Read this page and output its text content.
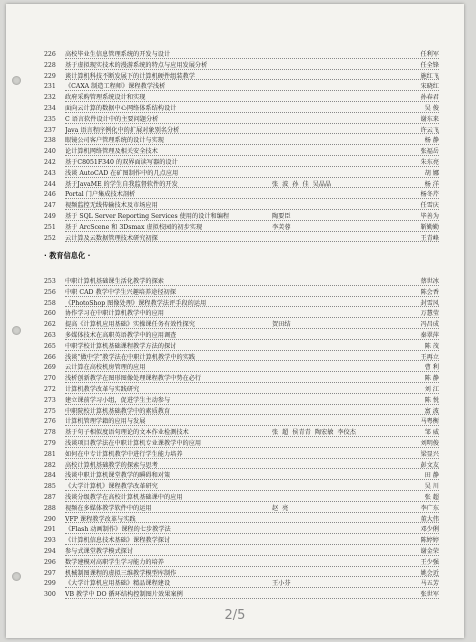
226	高校毕业生信息管理系统的开发与设计	任利军
228	基于虚拟现实技术的漫游系统的特点与应用发展分析	任全锋
229	谈计算机科技不断发展下的计算机硬件组装教学	施红飞
231	《CAXA 制造工程师》课程教学浅析	宋晓红
232	政府采购管理系统设计和实现	孙春君
234	面向云计算的数据中心网络体系结构设计	吴 俊
235	C 语言软件设计中的主要问题分析	谢东来
237	Java 语言程序例化中的扩展对象别名分析	许云飞
238	眼镜公司客户管理系统的设计与实现	杨 静
240	论计算机网络管理及相关安全技术	张福岳
242	基于C8051F340 的双界面读写器的设计	朱东亮
243	浅谈 AutoCAD 在矿图制作中的几点应用	胡 娜
244	基于JavaME 的学生自我监督软件的开发	张 波 孙 佳 吴晶晶	杨 洋
246	Portal 门户集成技术剖析	杨冬芹
247	视频监控无线传输技术及市场应用	任雪庆
249	基于 SQL Server Reporting Services 使用的设计和编程	陶要臣	毕善为
251	基于 ArcScene 和 3Dsmax 虚拟校园的初步实现	李芙蓉	靳勤勤
252	云计算及云数据管理技术研究初探	王青峰
· 教育信息化 ·
253	中职计算机基础课生活化教学的探索	蔡世冰
256	中职 CAD 教学中学生兴趣培养途径初探	陈会香
258	《PhotoShop 图像处理》课程教学法评手段的运用	封雪风
260	协作学习在中职计算机教学中的应用	万慧莹
262	提高《计算机应用基础》实操课任务有效性探究	贺田结	冯昌成
263	多媒体技术在高职英语教学中的应用调查	秦翠萍
265	中职学校计算机基础课程教学方法的探讨	陈 茂
266	浅谈“做中学”教学法在中职计算机教学中的实践	王再立
269	云计算在高校机房管理的应用	曹 利
270	浅析创新教学在图形图像处理课程教学中势在必行	陈 静
272	计算机教学改革与实践研究	刘 江
273	建立课前学习小组，促进学生主动参与	陈 悦
275	中职院校计算机基础教学中的素质教育	富 波
276	计算机管理学籍的应用与发展	马粤衡
278	基于句子相似度语句理论的文本作业检测技术	张 超 侯青青 陶宏敏 李佼杰	邹 威
279	浅谈项目教学法在中职计算机专业课教学中的应用	刘明俊
281	如何在中专计算机教学中进行学生能力培养	梁显兴
282	高校计算机基础教学的探索与思考	彭文友
284	浅谈中职计算机课堂教学的瞬碍和对策	田 静
285	《大学计算机》课程教学改革研究	吴 川
287	浅谈分级教学在高校计算机基础课中的应用	张 超
288	视频在多媒体教学软件中的运用	赵 亮	李广东
290	VFP 课程教学改革与实践	董大伟
291	《Flash 动画制作》课程的七步教学法	邓少俐
293	《计算机信息技术基础》课程教学探讨	陈婷婷
294	参与式课堂教学模式探讨	谢金荣
296	数学建模对高职学生学习能力的培养	王少强
297	机械制图课程的虚拟三维教学模型库制作	姚会近
299	《大学计算机应用基础》精品课程建设	王小芬	马五芳
300	VB 教学中 DO 循环结构控制图片效果案例	张世军
2/5
